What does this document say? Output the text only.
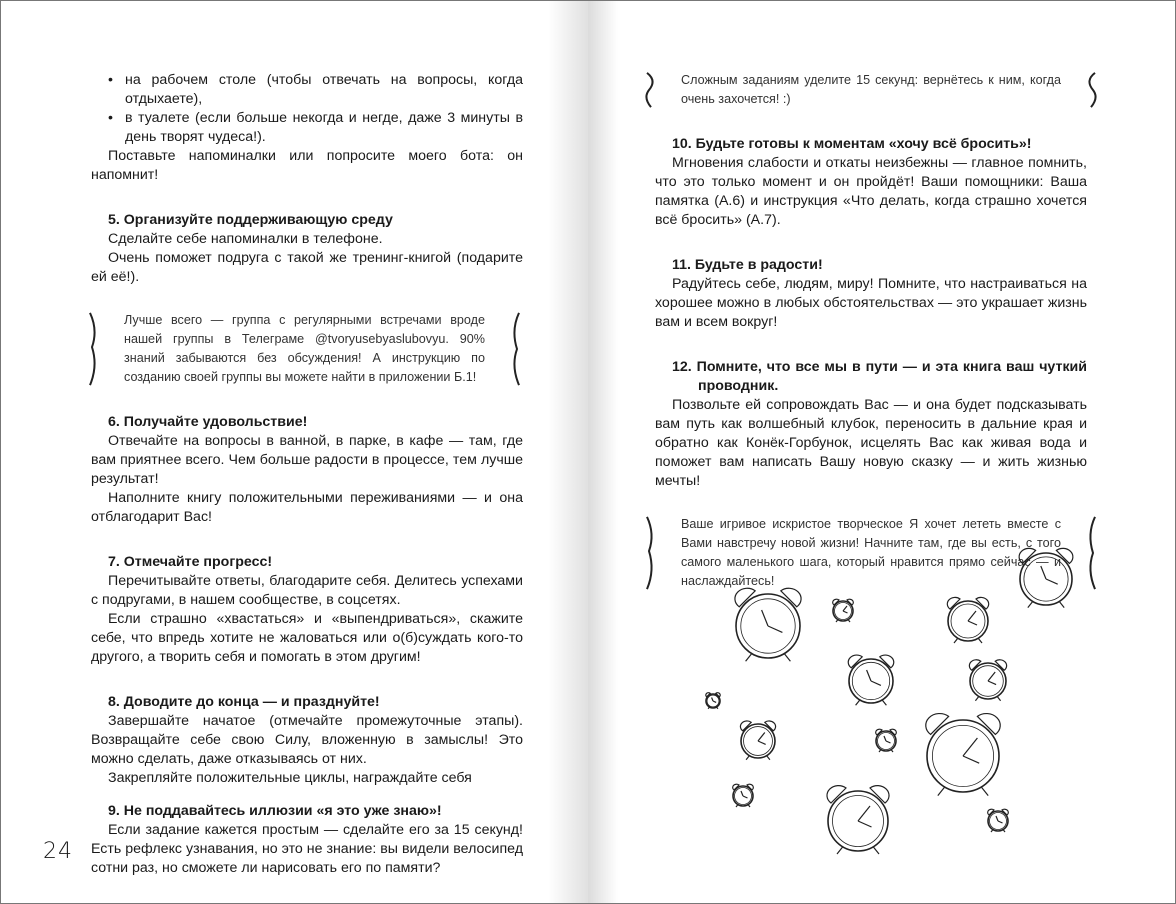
• на рабочем столе (чтобы отвечать на вопросы, когда отдыхаете),
• в туалете (если больше некогда и негде, даже 3 минуты в день творят чудеса!).

Поставьте напоминалки или попросите моего бота: он напомнит!

5. Организуйте поддерживающую среду

Сделайте себе напоминалки в телефоне.

Очень поможет подруга с такой же тренинг-книгой (подарите ей её!).

Лучше всего — группа с регулярными встречами вроде нашей группы в Телеграме @tvoryusebyaslubovyu. 90% знаний забываются без обсуждения! А инструкцию по созданию своей группы вы можете найти в приложении Б.1!
6. Получайте удовольствие!

Отвечайте на вопросы в ванной, в парке, в кафе — там, где вам приятнее всего. Чем больше радости в процессе, тем лучше результат!

Наполните книгу положительными переживаниями — и она отблагодарит Вас!

7. Отмечайте прогресс!

Перечитывайте ответы, благодарите себя. Делитесь успехами с подругами, в нашем сообществе, в соцсетях.

Если страшно «хвастаться» и «выпендриваться», скажите себе, что впредь хотите не жаловаться или о(б)суждать кого-то другого, а творить себя и помогать в этом другим!

8. Доводите до конца — и празднуйте!

Завершайте начатое (отмечайте промежуточные этапы). Возвращайте себе свою Силу, вложенную в замыслы! Это можно сделать, даже отказываясь от них.

Закрепляйте положительные циклы, награждайте себя

9. Не поддавайтесь иллюзии «я это уже знаю»!

Если задание кажется простым — сделайте его за 15 секунд! Есть рефлекс узнавания, но это не знание: вы видели велосипед сотни раз, но сможете ли нарисовать его по памяти?

24
Сложным заданиям уделите 15 секунд: вернётесь к ним, когда очень захочется! :)
10. Будьте готовы к моментам «хочу всё бросить»!

Мгновения слабости и откаты неизбежны — главное помнить, что это только момент и он пройдёт! Ваши помощники: Ваша памятка (А.6) и инструкция «Что делать, когда страшно хочется всё бросить» (А.7).

11. Будьте в радости!

Радуйтесь себе, людям, миру! Помните, что настраиваться на хорошее можно в любых обстоятельствах — это украшает жизнь вам и всем вокруг!

12. Помните, что все мы в пути — и эта книга ваш чуткий проводник.

Позвольте ей сопровождать Вас — и она будет подсказывать вам путь как волшебный клубок, переносить в дальние края и обратно как Конёк-Горбунок, исцелять Вас как живая вода и поможет вам написать Вашу новую сказку — и жить жизнью мечты!

Ваше игривое искристое творческое Я хочет лететь вместе с Вами навстречу новой жизни! Начните там, где вы есть, с того самого маленького шага, который нравится прямо сейчас — и наслаждайтесь!
